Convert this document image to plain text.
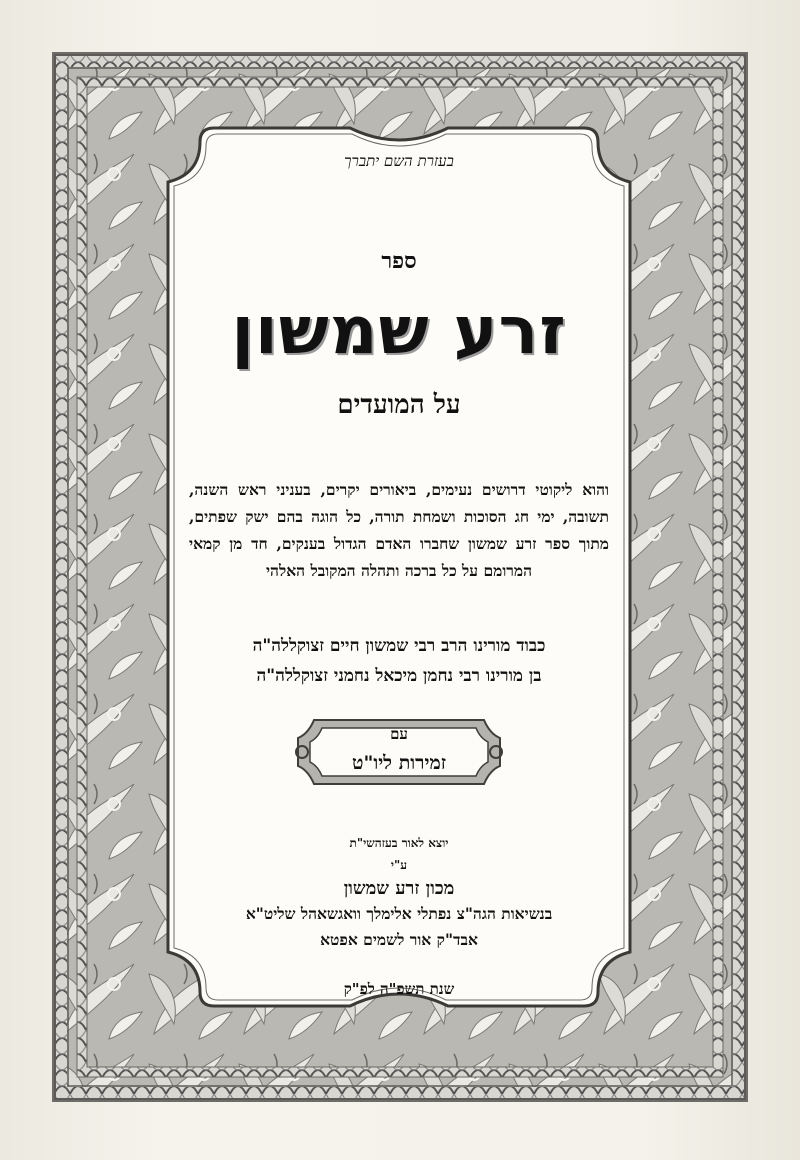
בעזרת השם יתברך
ספר
זרע שמשון
על המועדים
והוא ליקוטי דרושים נעימים, ביאורים יקרים, בעניני ראש השנה, תשובה, ימי חג הסוכות ושמחת תורה, כל הוגה בהם ישק שפתים, מתוך ספר זרע שמשון שחברו האדם הגדול בענקים, חד מן קמאי המרומם על כל ברכה ותהלה המקובל האלהי
כבוד מורינו הרב רבי שמשון חיים זצוקללה"ה
בן מורינו רבי נחמן מיכאל נחמני זצוקללה"ה
עם
זמירות ליו"ט
יוצא לאור בעזהשי"ת
ע"י
מכון זרע שמשון
בנשיאות הגה"צ נפתלי אלימלך וואגשאהל שליט"א
אבד"ק אור לשמים אפטא
שנת תשפ"ה לפ"ק
